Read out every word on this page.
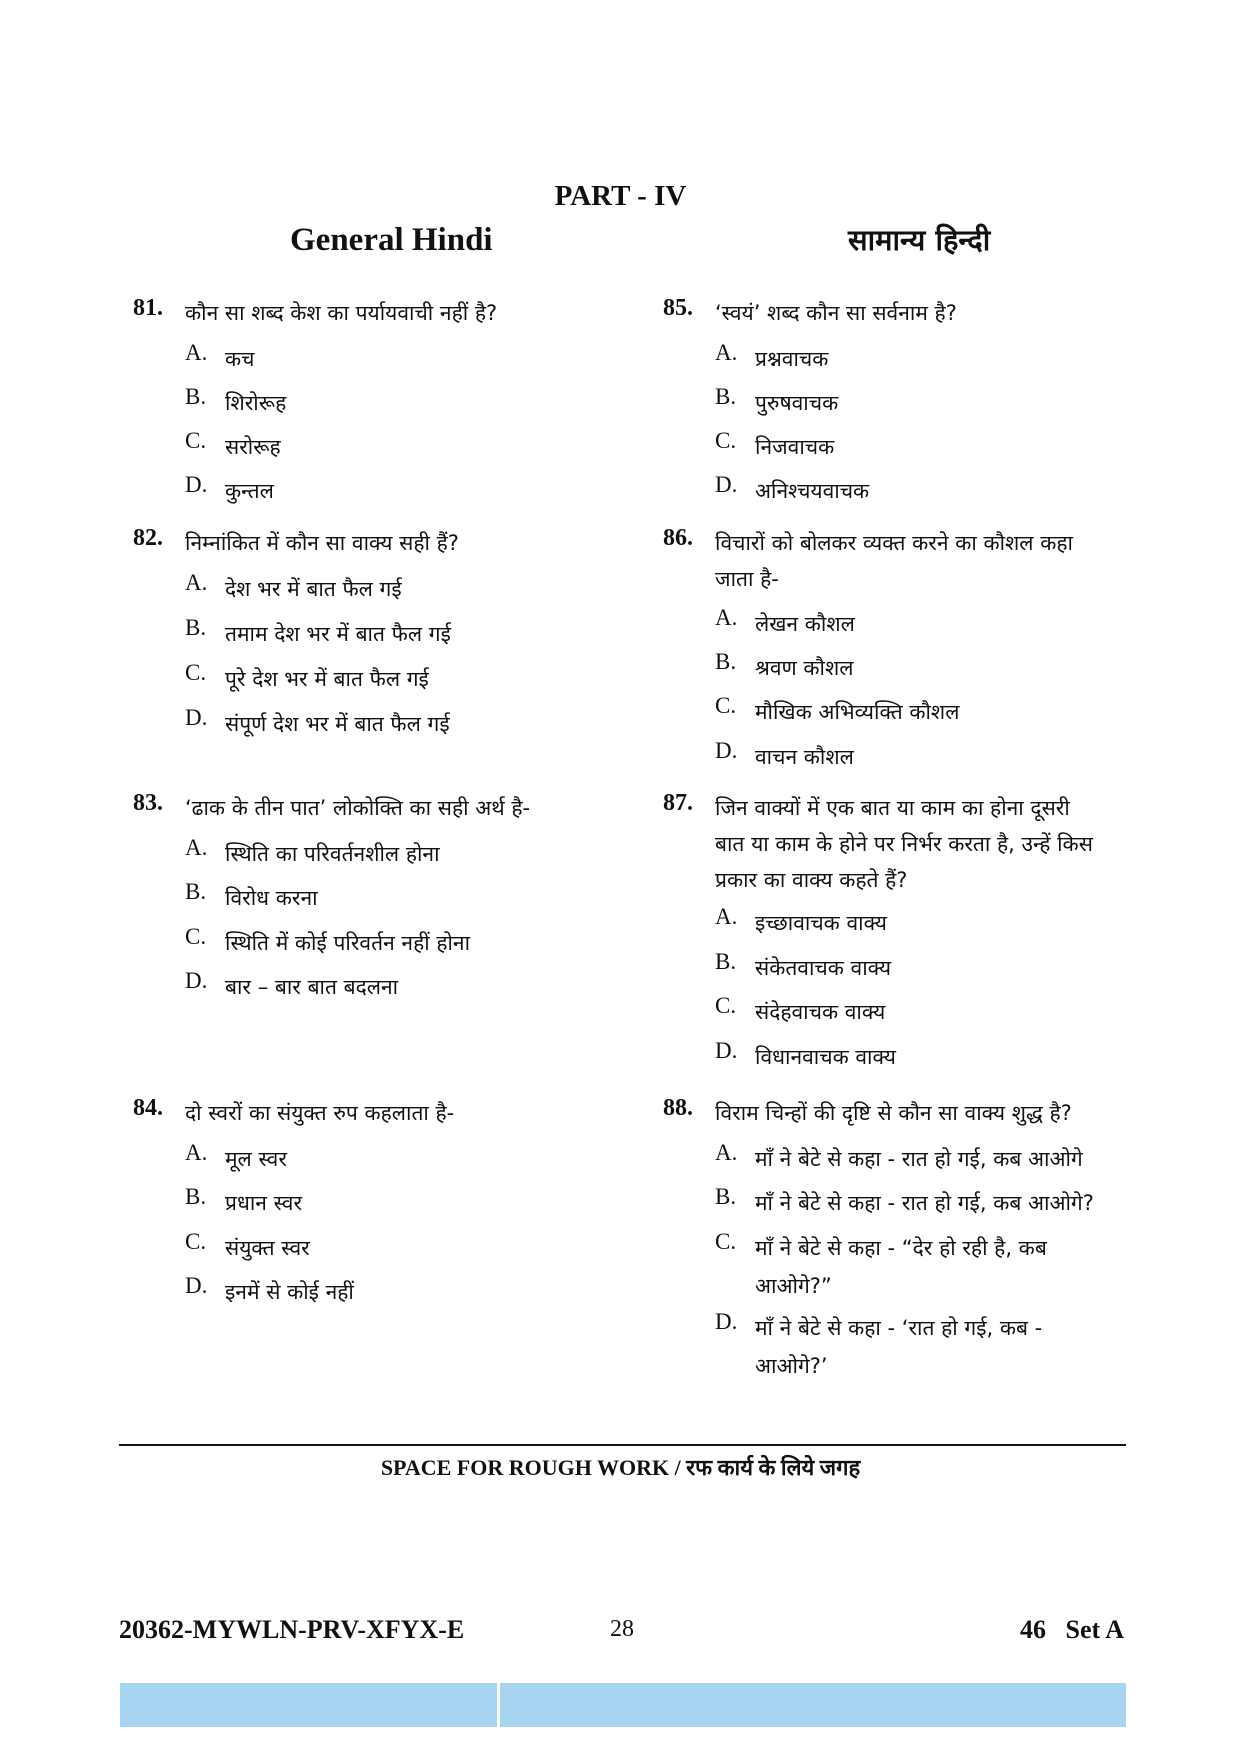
PART - IV
General Hindi	सामान्य हिन्दी
81. कौन सा शब्द केश का पर्यायवाची नहीं है?
A. कच
B. शिरोरूह
C. सरोरूह
D. कुन्तल
82. निम्नांकित में कौन सा वाक्य सही हैं?
A. देश भर में बात फैल गई
B. तमाम देश भर में बात फैल गई
C. पूरे देश भर में बात फैल गई
D. संपूर्ण देश भर में बात फैल गई
83. ‘ढाक के तीन पात’ लोकोक्ति का सही अर्थ है-
A. स्थिति का परिवर्तनशील होना
B. विरोध करना
C. स्थिति में कोई परिवर्तन नहीं होना
D. बार – बार बात बदलना
84. दो स्वरों का संयुक्त रुप कहलाता है-
A. मूल स्वर
B. प्रधान स्वर
C. संयुक्त स्वर
D. इनमें से कोई नहीं
85. ‘स्वयं’ शब्द कौन सा सर्वनाम है?
A. प्रश्नवाचक
B. पुरुषवाचक
C. निजवाचक
D. अनिश्चयवाचक
86. विचारों को बोलकर व्यक्त करने का कौशल कहा जाता है-
A. लेखन कौशल
B. श्रवण कौशल
C. मौखिक अभिव्यक्ति कौशल
D. वाचन कौशल
87. जिन वाक्यों में एक बात या काम का होना दूसरी बात या काम के होने पर निर्भर करता है, उन्हें किस प्रकार का वाक्य कहते हैं?
A. इच्छावाचक वाक्य
B. संकेतवाचक वाक्य
C. संदेहवाचक वाक्य
D. विधानवाचक वाक्य
88. विराम चिन्हों की दृष्टि से कौन सा वाक्य शुद्ध है?
A. माँ ने बेटे से कहा - रात हो गई, कब आओगे
B. माँ ने बेटे से कहा - रात हो गई, कब आओगे?
C. माँ ने बेटे से कहा - “देर हो रही है, कब आओगे?”
D. माँ ने बेटे से कहा - ‘रात हो गई, कब - आओगे?’
SPACE FOR ROUGH WORK / रफ कार्य के लिये जगह
20362-MYWLN-PRV-XFYX-E	28	46   Set A
